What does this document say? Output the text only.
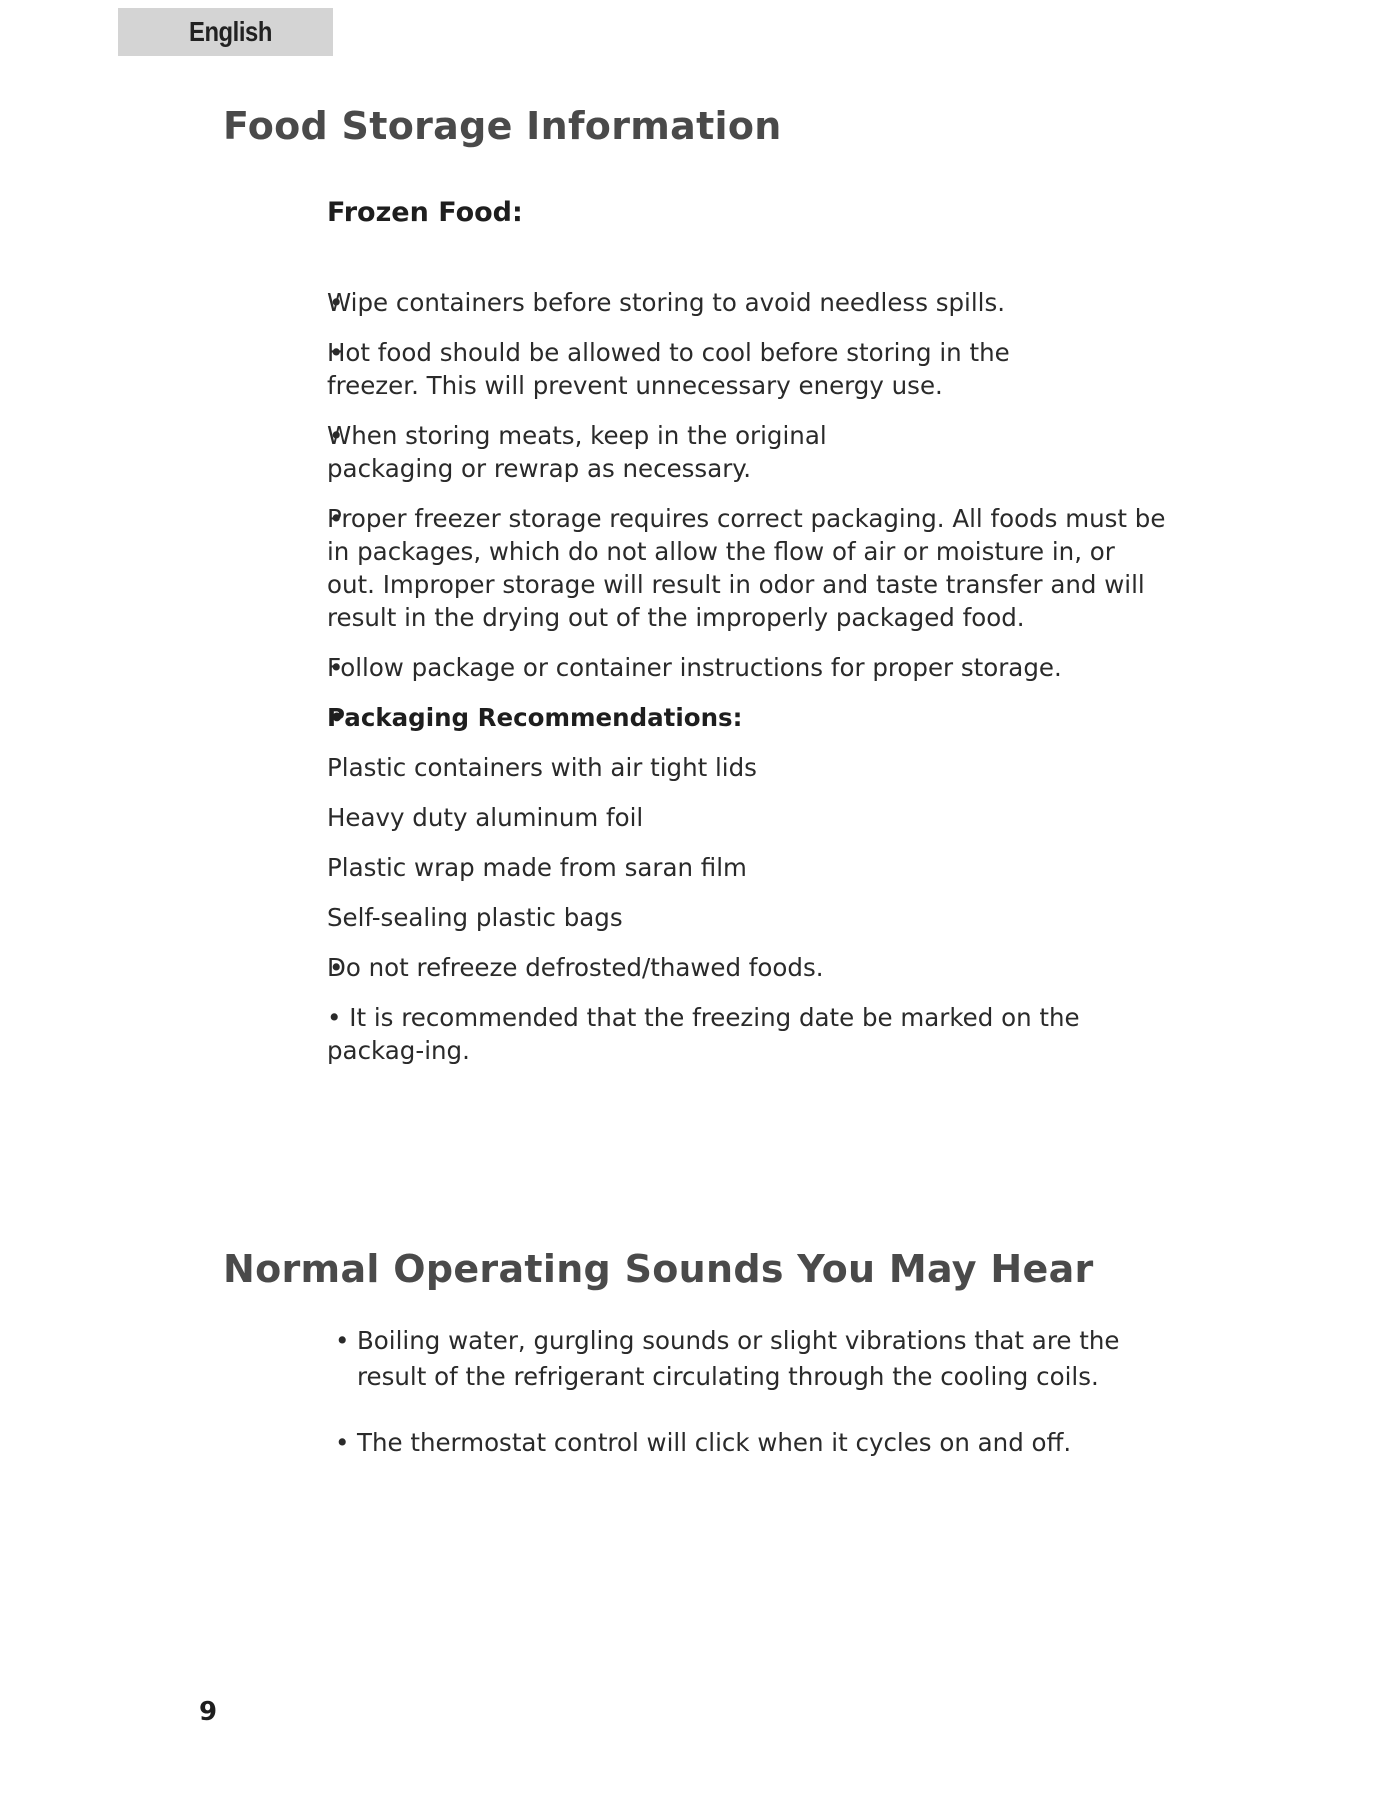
English
Food Storage Information
Frozen Food:
• Wipe containers before storing to avoid needless spills.
• Hot food should be allowed to cool before storing in the freezer. This will prevent unnecessary energy use.
• When storing meats, keep in the original packaging or rewrap as necessary.
• Proper freezer storage requires correct packaging. All foods must be in packages, which do not allow the flow of air or moisture in, or out. Improper storage will result in odor and taste transfer and will result in the drying out of the improperly packaged food.
• Follow package or container instructions for proper storage.
• Packaging Recommendations:
Plastic containers with air tight lids
Heavy duty aluminum foil
Plastic wrap made from saran film
Self-sealing plastic bags
• Do not refreeze defrosted/thawed foods.
• It is recommended that the freezing date be marked on the packag-ing.
Normal Operating Sounds You May Hear
• Boiling water, gurgling sounds or slight vibrations that are the result of the refrigerant circulating through the cooling coils.
• The thermostat control will click when it cycles on and off.
9
